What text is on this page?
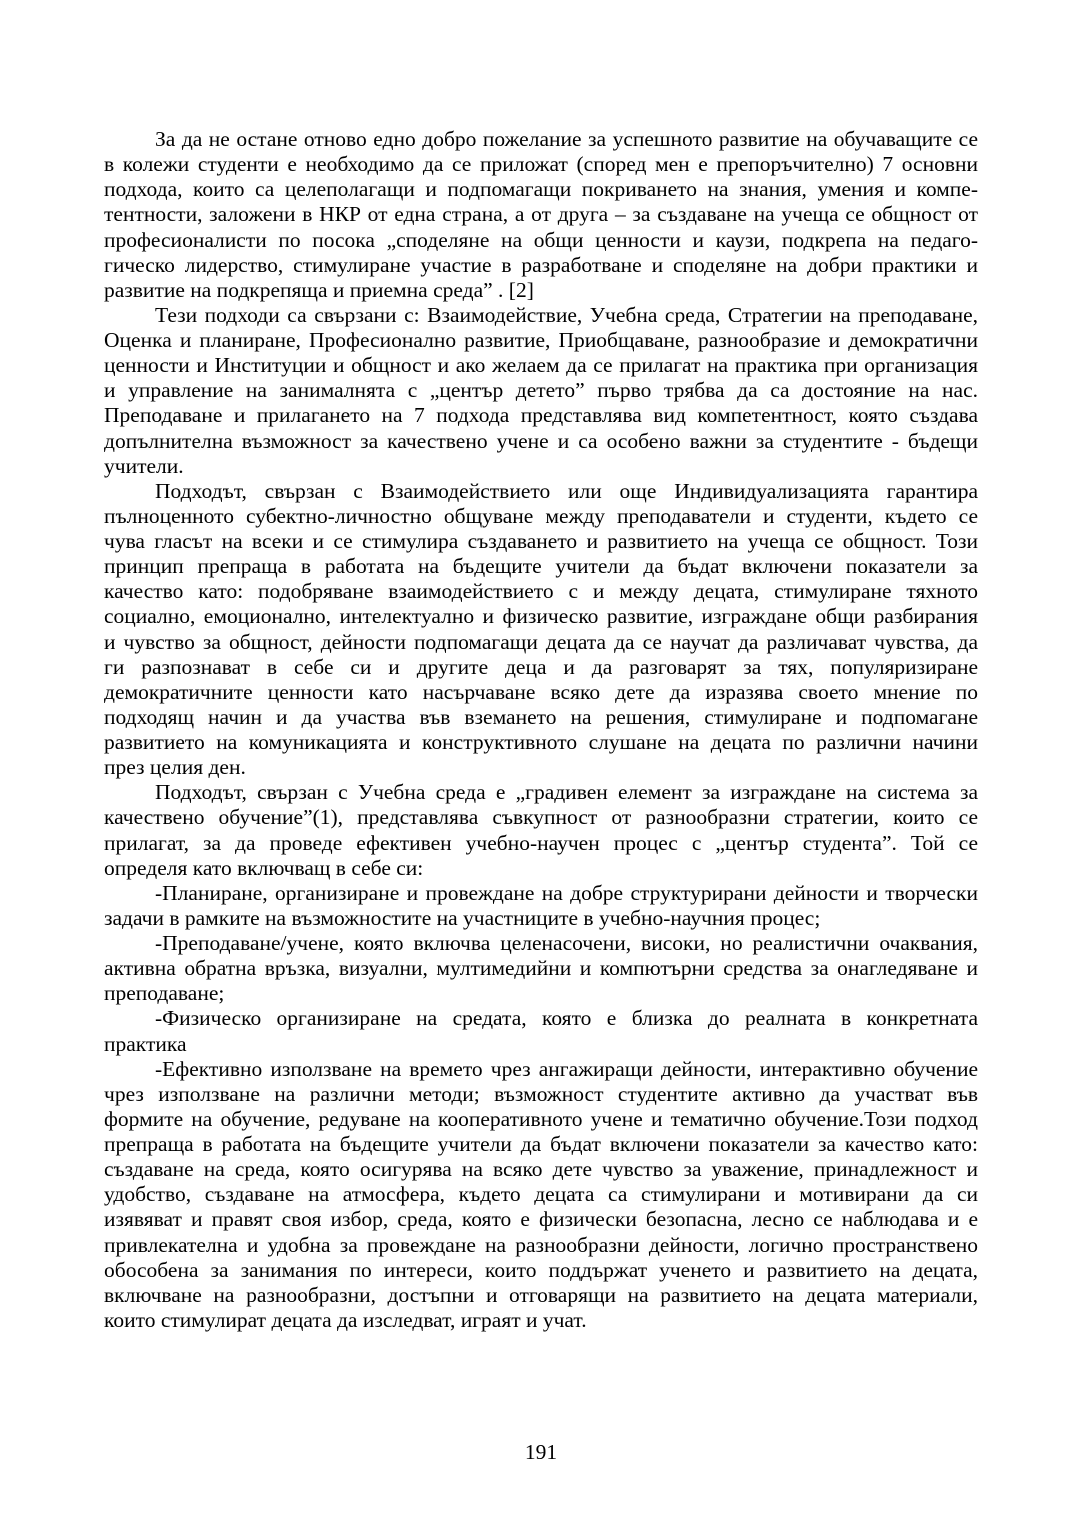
За да не остане отново едно добро пожелание за успешното развитие на обучаващите се
в колежи студенти е необходимо да се приложат (според мен е препоръчително) 7 основни
подхода, които са целеполагащи и подпомагащи покриването на знания, умения и компе-
тентности, заложени в НКР от една страна, а от друга – за създаване на учеща се общност от
професионалисти по посока „споделяне на общи ценности и каузи, подкрепа на педаго-
гическо лидерство, стимулиране участие в разработване и споделяне на добри практики и
развитие на подкрепяща и приемна среда” . [2]
Тези подходи са свързани с: Взаимодействие, Учебна среда, Стратегии на преподаване,
Оценка и планиране, Професионално развитие, Приобщаване, разнообразие и демократични
ценности и Институции и общност и ако желаем да се прилагат на практика при организация
и управление на занималнята с „център детето” първо трябва да са достояние на нас.
Преподаване и прилагането на 7 подхода представлява вид компетентност, която създава
допълнителна възможност за качествено учене и са особено важни за студентите - бъдещи
учители.
Подходът, свързан с Взаимодействието или още Индивидуализацията гарантира
пълноценното субектно-личностно общуване между преподаватели и студенти, където се
чува гласът на всеки и се стимулира създаването и развитието на учеща се общност. Този
принцип препраща в работата на бъдещите учители да бъдат включени показатели за
качество като: подобряване взаимодействието с и между децата, стимулиране тяхното
социално, емоционално, интелектуално и физическо развитие, изграждане общи разбирания
и чувство за общност, дейности подпомагащи децата да се научат да различават чувства, да
ги разпознават в себе си и другите деца и да разговарят за тях, популяризиране
демократичните ценности като насърчаване всяко дете да изразява своето мнение по
подходящ начин и да участва във вземането на решения, стимулиране и подпомагане
развитието на комуникацията и конструктивното слушане на децата по различни начини
през целия ден.
Подходът, свързан с Учебна среда е „градивен елемент за изграждане на система за
качествено обучение”(1), представлява съвкупност от разнообразни стратегии, които се
прилагат, за да проведе ефективен учебно-научен процес с „център студента”. Той се
определя като включващ в себе си:
-Планиране, организиране и провеждане на добре структурирани дейности и творчески
задачи в рамките на възможностите на участниците в учебно-научния процес;
-Преподаване/учене, която включва целенасочени, високи, но реалистични очаквания,
активна обратна връзка, визуални, мултимедийни и компютърни средства за онагледяване и
преподаване;
-Физическо организиране на средата, която е близка до реалната в конкретната
практика
-Ефективно използване на времето чрез ангажиращи дейности, интерактивно обучение
чрез използване на различни методи; възможност студентите активно да участват във
формите на обучение, редуване на кооперативното учене и тематично обучение.Този подход
препраща в работата на бъдещите учители да бъдат включени показатели за качество като:
създаване на среда, която осигурява на всяко дете чувство за уважение, принадлежност и
удобство, създаване на атмосфера, където децата са стимулирани и мотивирани да си
изявяват и правят своя избор, среда, която е физически безопасна, лесно се наблюдава и е
привлекателна и удобна за провеждане на разнообразни дейности, логично пространствено
обособена за занимания по интереси, които поддържат ученето и развитието на децата,
включване на разнообразни, достъпни и отговарящи на развитието на децата материали,
които стимулират децата да изследват, играят и учат.
191
